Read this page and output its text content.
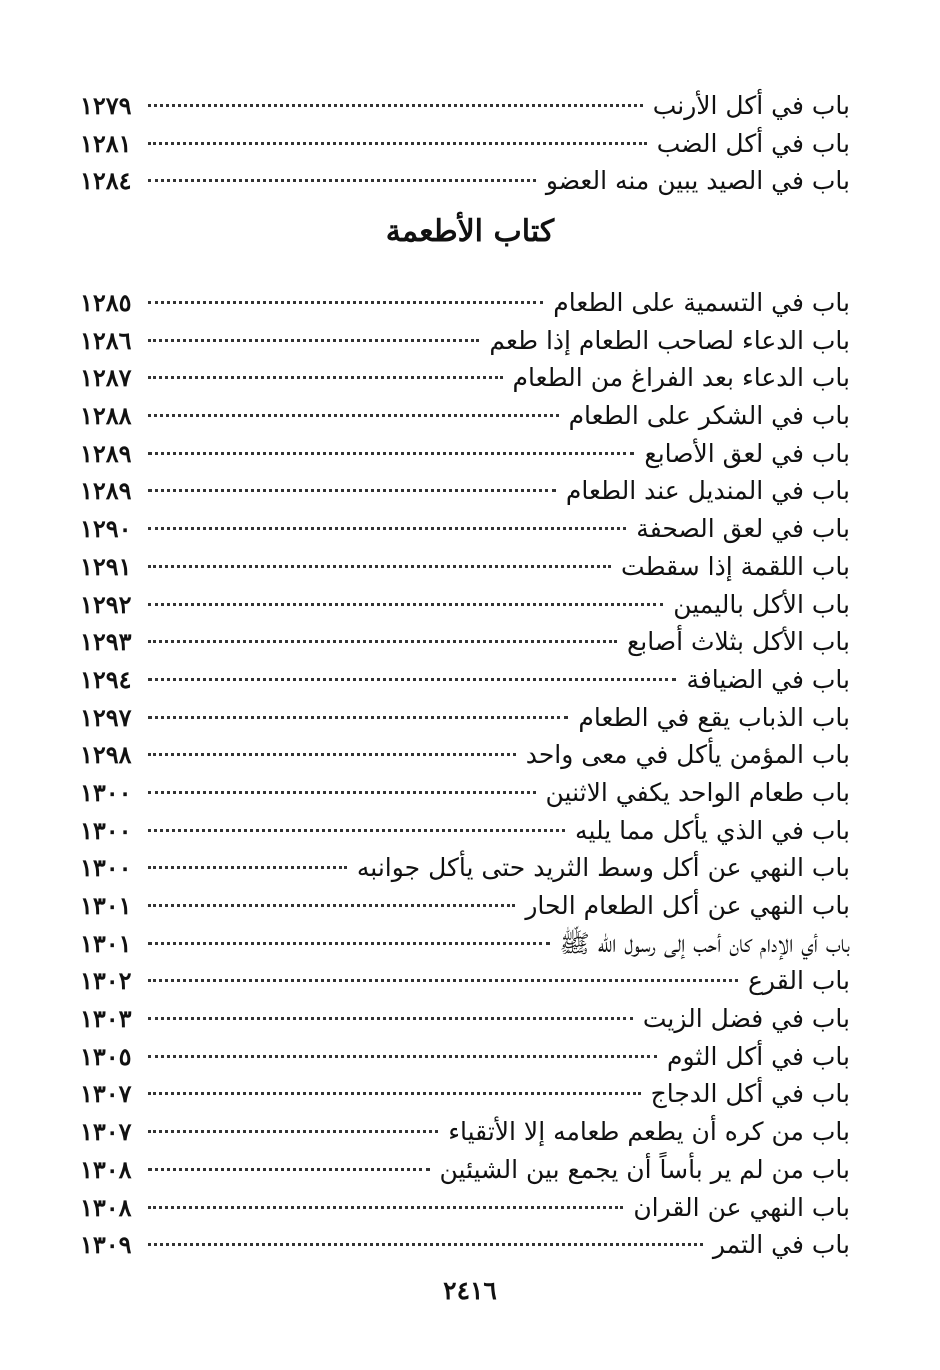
باب في أكل الأرنب
١٢٧٩
باب في أكل الضب
١٢٨١
باب في الصيد يبين منه العضو
١٢٨٤
كتاب الأطعمة
باب في التسمية على الطعام
١٢٨٥
باب الدعاء لصاحب الطعام إذا طعم
١٢٨٦
باب الدعاء بعد الفراغ من الطعام
١٢٨٧
باب في الشكر على الطعام
١٢٨٨
باب في لعق الأصابع
١٢٨٩
باب في المنديل عند الطعام
١٢٨٩
باب في لعق الصحفة
١٢٩٠
باب اللقمة إذا سقطت
١٢٩١
باب الأكل باليمين
١٢٩٢
باب الأكل بثلاث أصابع
١٢٩٣
باب في الضيافة
١٢٩٤
باب الذباب يقع في الطعام
١٢٩٧
باب المؤمن يأكل في معى واحد
١٢٩٨
باب طعام الواحد يكفي الاثنين
١٣٠٠
باب في الذي يأكل مما يليه
١٣٠٠
باب النهي عن أكل وسط الثريد حتى يأكل جوانبه
١٣٠٠
باب النهي عن أكل الطعام الحار
١٣٠١
باب أي الإدام كان أحب إلى رسول الله ﷺ
١٣٠١
باب القرع
١٣٠٢
باب في فضل الزيت
١٣٠٣
باب في أكل الثوم
١٣٠٥
باب في أكل الدجاج
١٣٠٧
باب من كره أن يطعم طعامه إلا الأتقياء
١٣٠٧
باب من لم ير بأساً أن يجمع بين الشيئين
١٣٠٨
باب النهي عن القران
١٣٠٨
باب في التمر
١٣٠٩
٢٤١٦
